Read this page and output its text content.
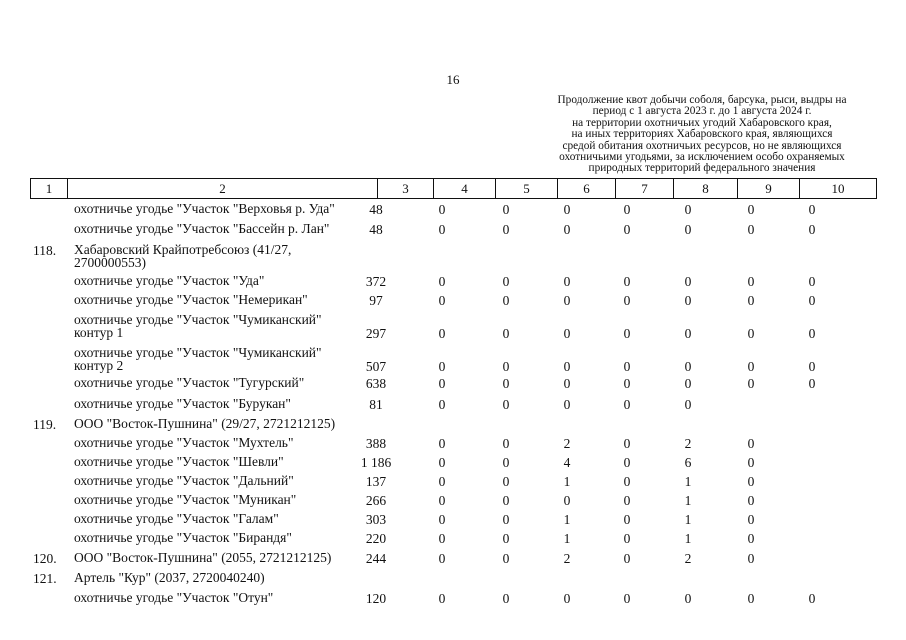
16
Продолжение квот добычи соболя, барсука, рыси, выдры на
период с 1 августа 2023 г. до 1 августа 2024 г.
на территории охотничьих угодий Хабаровского края,
на иных территориях Хабаровского края, являющихся
средой обитания охотничьих ресурсов, но не являющихся
охотничьими угодьями, за исключением особо охраняемых
природных территорий федерального значения
1	2	3	4	5	6	7	8	9	10
охотничье угодье "Участок "Верховья р. Уда"	48	0	0	0	0	0	0	0
охотничье угодье "Участок "Бассейн р. Лан"	48	0	0	0	0	0	0	0
118.	Хабаровский Крайпотребсоюз (41/27,
2700000553)
охотничье угодье "Участок "Уда"	372	0	0	0	0	0	0	0
охотничье угодье "Участок "Немерикан"	97	0	0	0	0	0	0	0
охотничье угодье "Участок "Чумиканский"
контур 1	297	0	0	0	0	0	0	0
охотничье угодье "Участок "Чумиканский"
контур 2	507	0	0	0	0	0	0	0
охотничье угодье "Участок "Тугурский"	638	0	0	0	0	0	0	0
охотничье угодье "Участок "Бурукан"	81	0	0	0	0	0
119.	ООО "Восток-Пушнина" (29/27, 2721212125)
охотничье угодье "Участок "Мухтель"	388	0	0	2	0	2	0
охотничье угодье "Участок "Шевли"	1 186	0	0	4	0	6	0
охотничье угодье "Участок "Дальний"	137	0	0	1	0	1	0
охотничье угодье "Участок "Муникан"	266	0	0	0	0	1	0
охотничье угодье "Участок "Галам"	303	0	0	1	0	1	0
охотничье угодье "Участок "Бирандя"	220	0	0	1	0	1	0
120.	ООО "Восток-Пушнина" (2055, 2721212125)	244	0	0	2	0	2	0
121.	Артель "Кур" (2037, 2720040240)
охотничье угодье "Участок "Отун"	120	0	0	0	0	0	0	0
